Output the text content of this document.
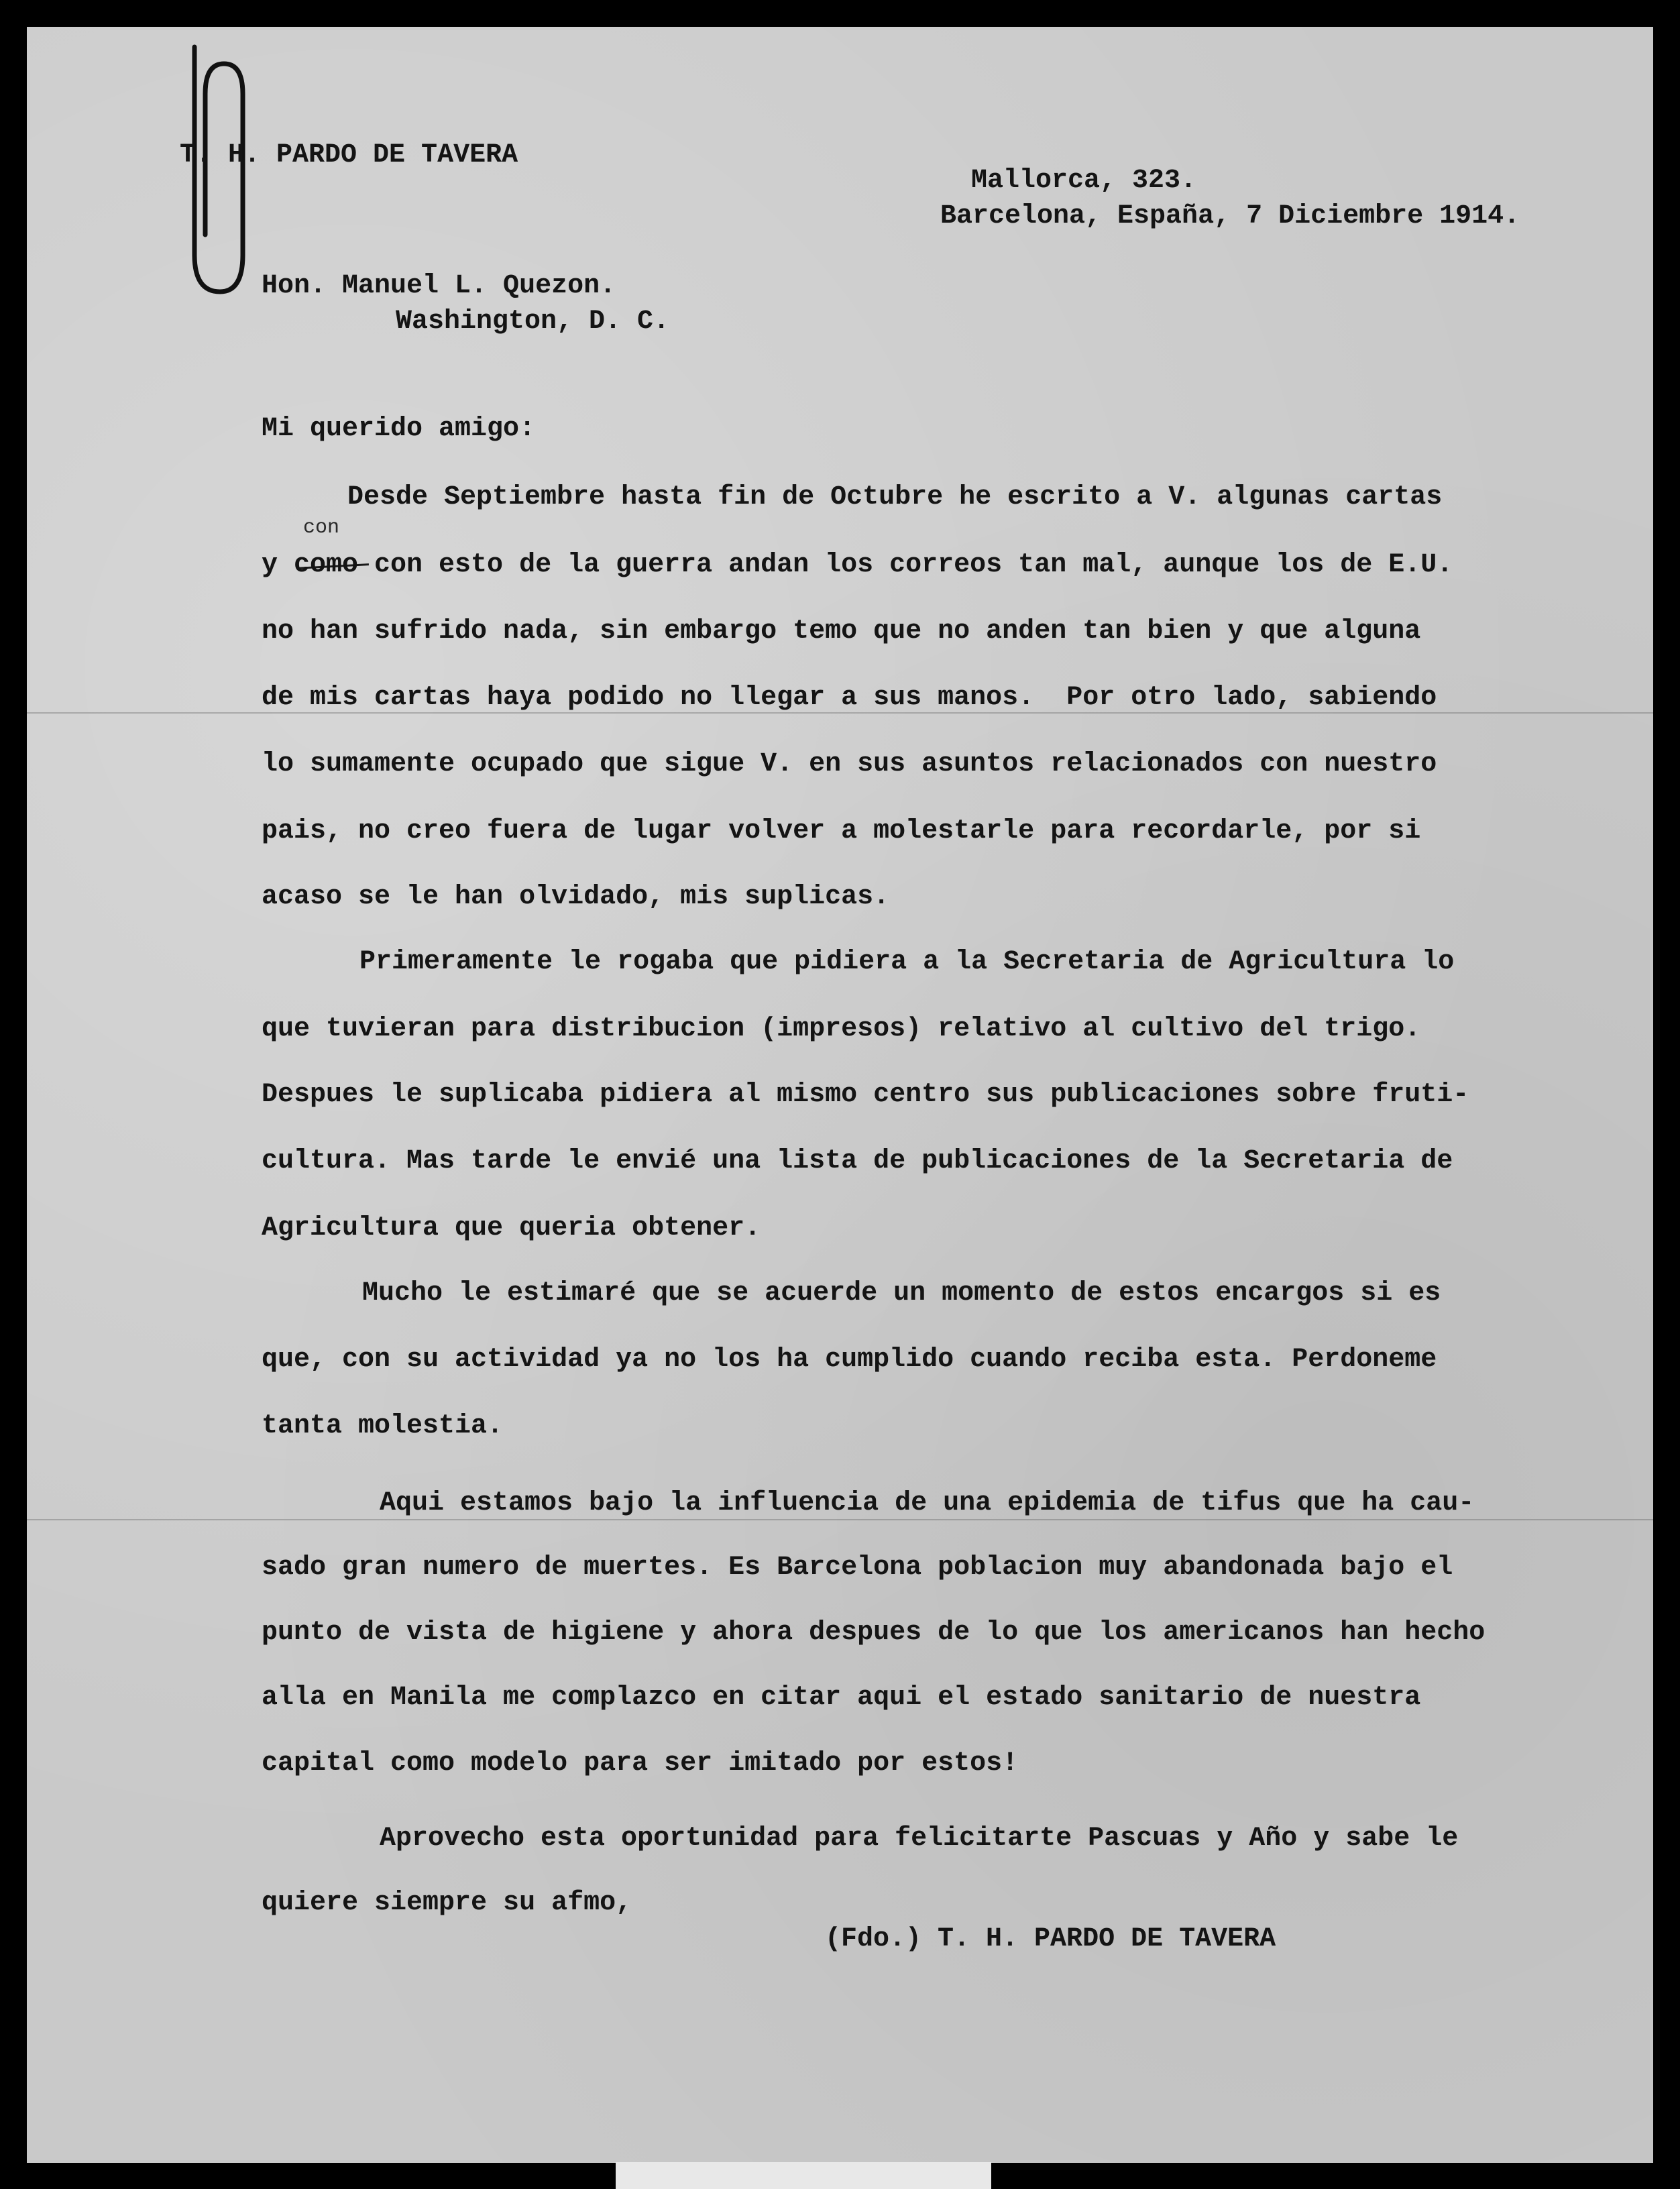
T. H. PARDO DE TAVERA
Mallorca, 323.
Barcelona, España, 7 Diciembre 1914.
Hon. Manuel L. Quezon.
Washington, D. C.
Mi querido amigo:
con
Desde Septiembre hasta fin de Octubre he escrito a V. algunas cartas
y como con esto de la guerra andan los correos tan mal, aunque los de E.U.
no han sufrido nada, sin embargo temo que no anden tan bien y que alguna
de mis cartas haya podido no llegar a sus manos.  Por otro lado, sabiendo
lo sumamente ocupado que sigue V. en sus asuntos relacionados con nuestro
pais, no creo fuera de lugar volver a molestarle para recordarle, por si
acaso se le han olvidado, mis suplicas.
Primeramente le rogaba que pidiera a la Secretaria de Agricultura lo
que tuvieran para distribucion (impresos) relativo al cultivo del trigo.
Despues le suplicaba pidiera al mismo centro sus publicaciones sobre fruti-
cultura. Mas tarde le envié una lista de publicaciones de la Secretaria de
Agricultura que queria obtener.
Mucho le estimaré que se acuerde un momento de estos encargos si es
que, con su actividad ya no los ha cumplido cuando reciba esta. Perdoneme
tanta molestia.
Aqui estamos bajo la influencia de una epidemia de tifus que ha cau-
sado gran numero de muertes. Es Barcelona poblacion muy abandonada bajo el
punto de vista de higiene y ahora despues de lo que los americanos han hecho
alla en Manila me complazco en citar aqui el estado sanitario de nuestra
capital como modelo para ser imitado por estos!
Aprovecho esta oportunidad para felicitarte Pascuas y Año y sabe le
quiere siempre su afmo,
(Fdo.) T. H. PARDO DE TAVERA
